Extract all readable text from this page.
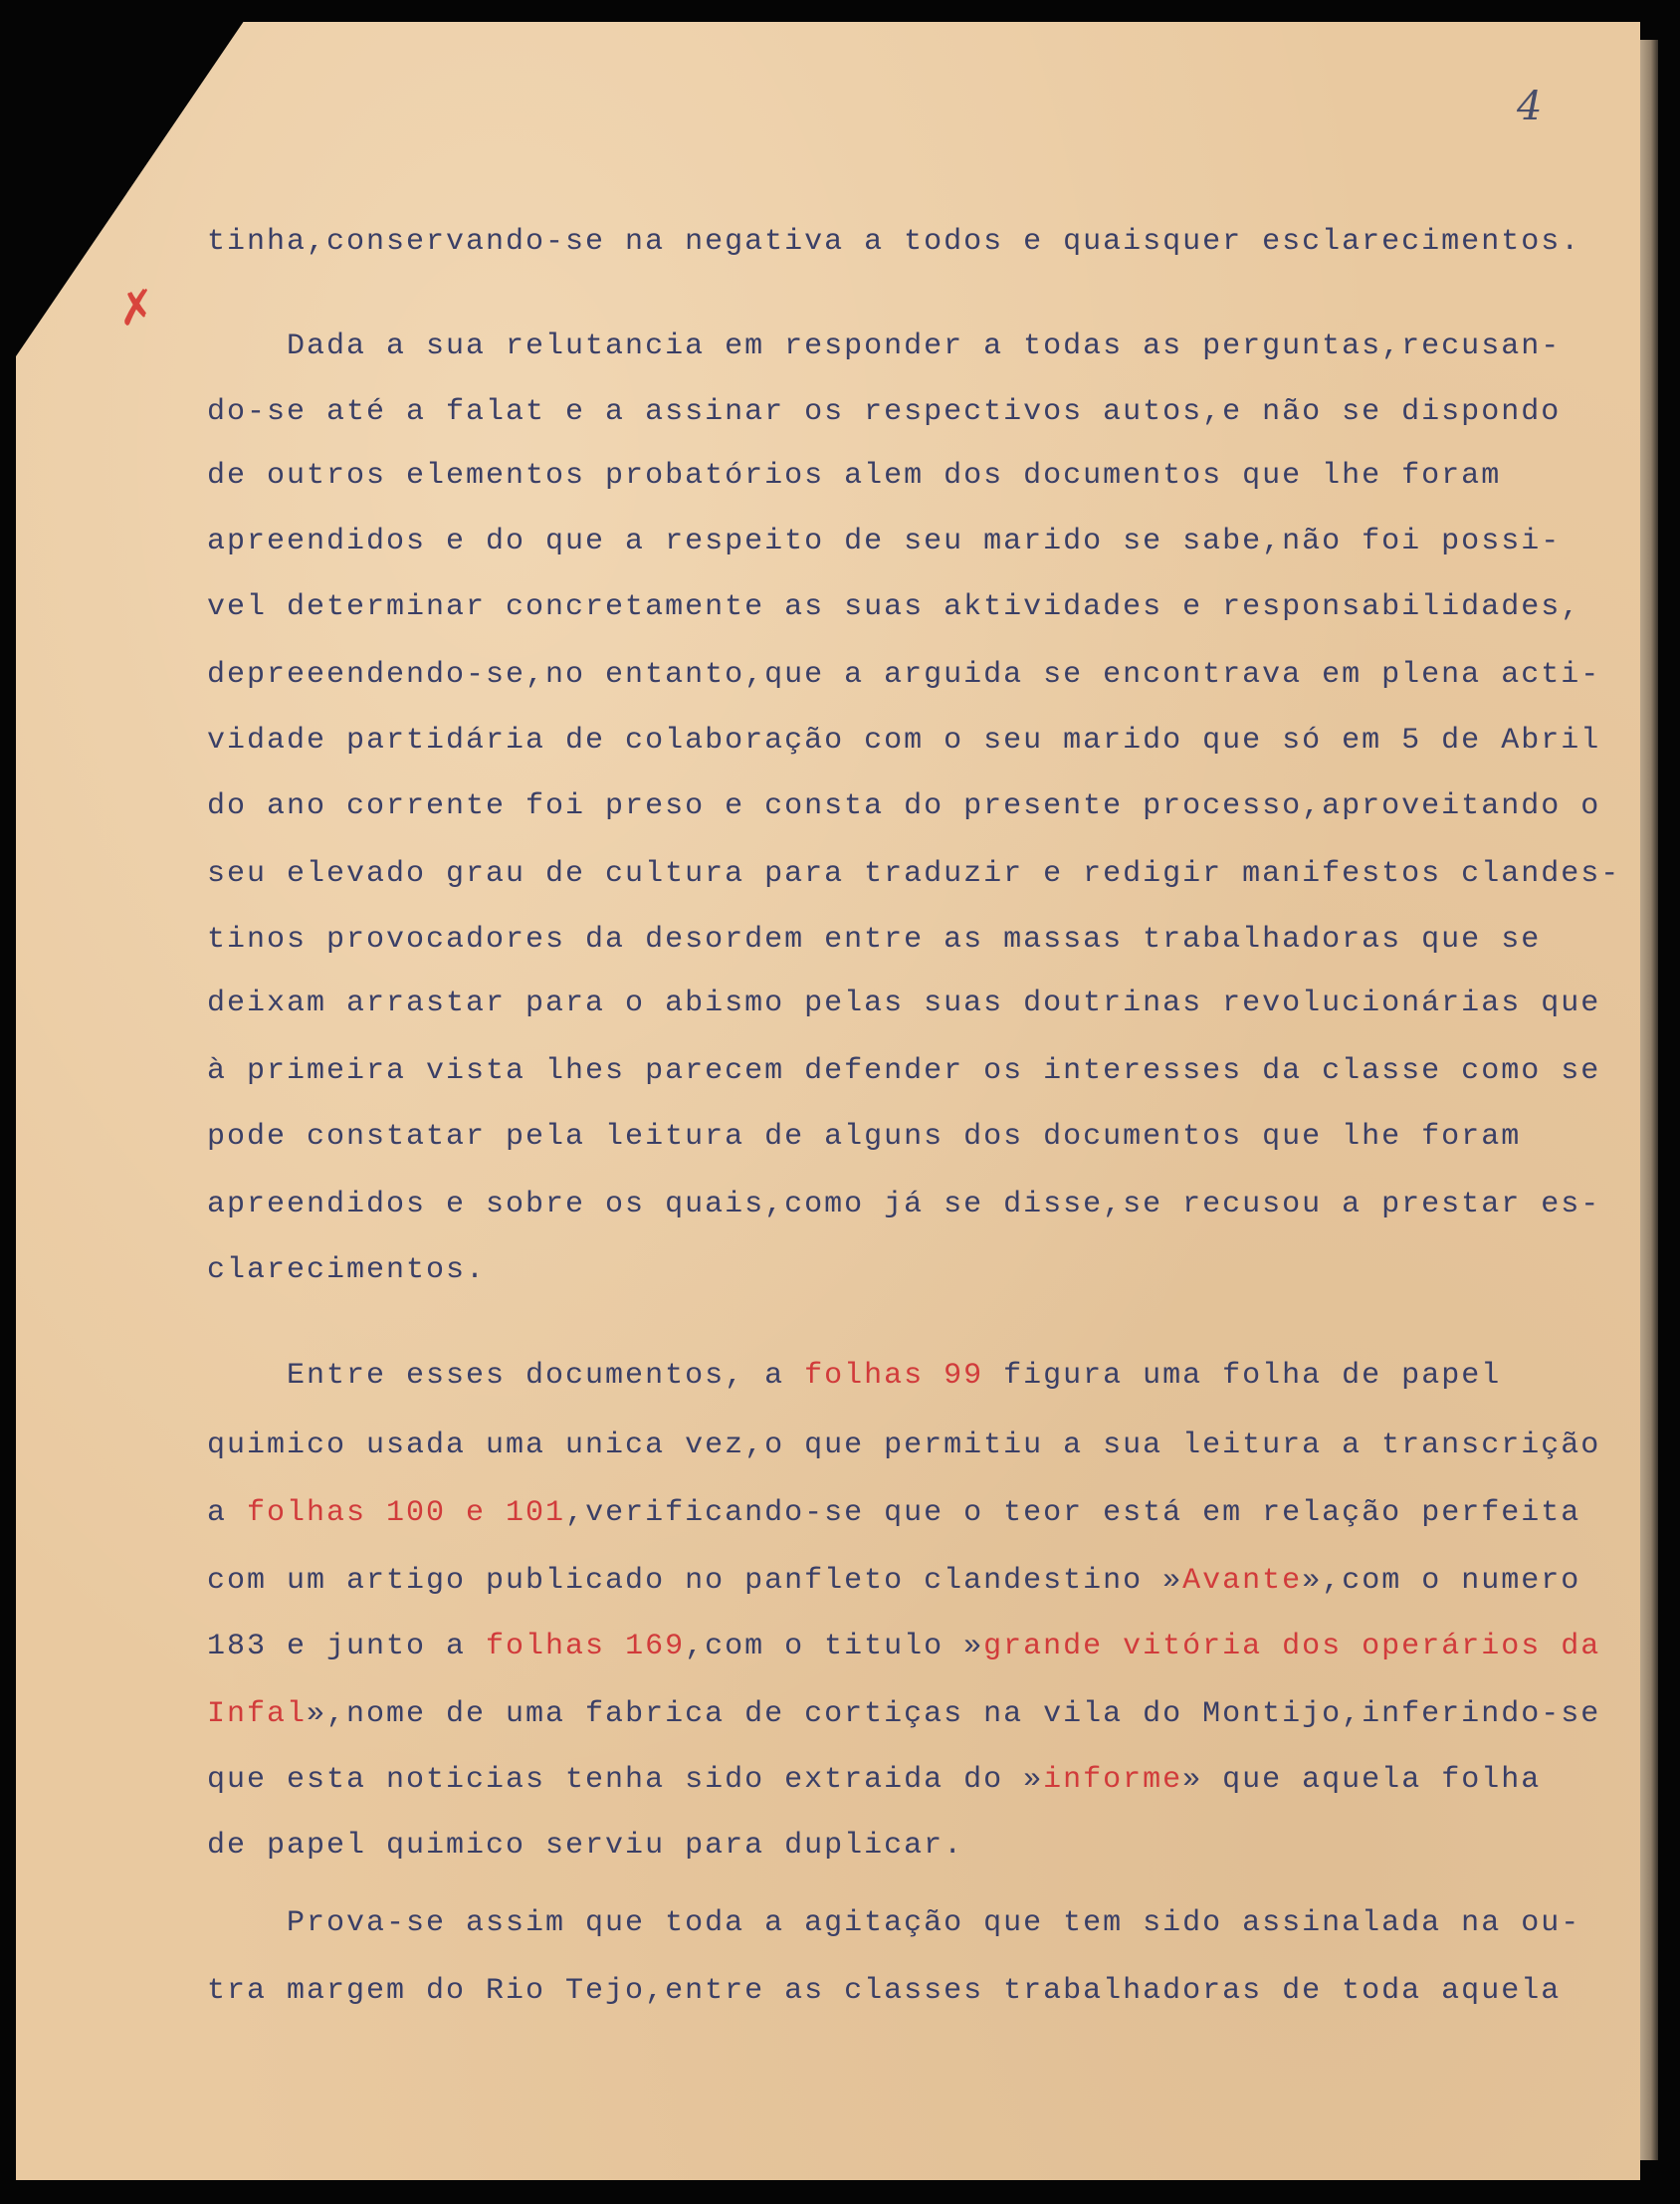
4
✗
tinha,conservando-se na negativa a todos e quaisquer esclarecimentos.
Dada a sua relutancia em responder a todas as perguntas,recusan-
do-se até a falat e a assinar os respectivos autos,e não se dispondo
de outros elementos probatórios alem dos documentos que lhe foram
apreendidos e do que a respeito de seu marido se sabe,não foi possi-
vel determinar concretamente as suas aktividades e responsabilidades,
depreeendendo-se,no entanto,que a arguida se encontrava em plena acti-
vidade partidária de colaboração com o seu marido que só em 5 de Abril
do ano corrente foi preso e consta do presente processo,aproveitando o
seu elevado grau de cultura para traduzir e redigir manifestos clandes-
tinos provocadores da desordem entre as massas trabalhadoras que se
deixam arrastar para o abismo pelas suas doutrinas revolucionárias que
à primeira vista lhes parecem defender os interesses da classe como se
pode constatar pela leitura de alguns dos documentos que lhe foram
apreendidos e sobre os quais,como já se disse,se recusou a prestar es-
clarecimentos.
Entre esses documentos, a folhas 99 figura uma folha de papel
quimico usada uma unica vez,o que permitiu a sua leitura a transcrição
a folhas 100 e 101,verificando-se que o teor está em relação perfeita
com um artigo publicado no panfleto clandestino »Avante»,com o numero
183 e junto a folhas 169,com o titulo »grande vitória dos operários da
Infal»,nome de uma fabrica de cortiças na vila do Montijo,inferindo-se
que esta noticias tenha sido extraida do »informe» que aquela folha
de papel quimico serviu para duplicar.
Prova-se assim que toda a agitação que tem sido assinalada na ou-
tra margem do Rio Tejo,entre as classes trabalhadoras de toda aquela
